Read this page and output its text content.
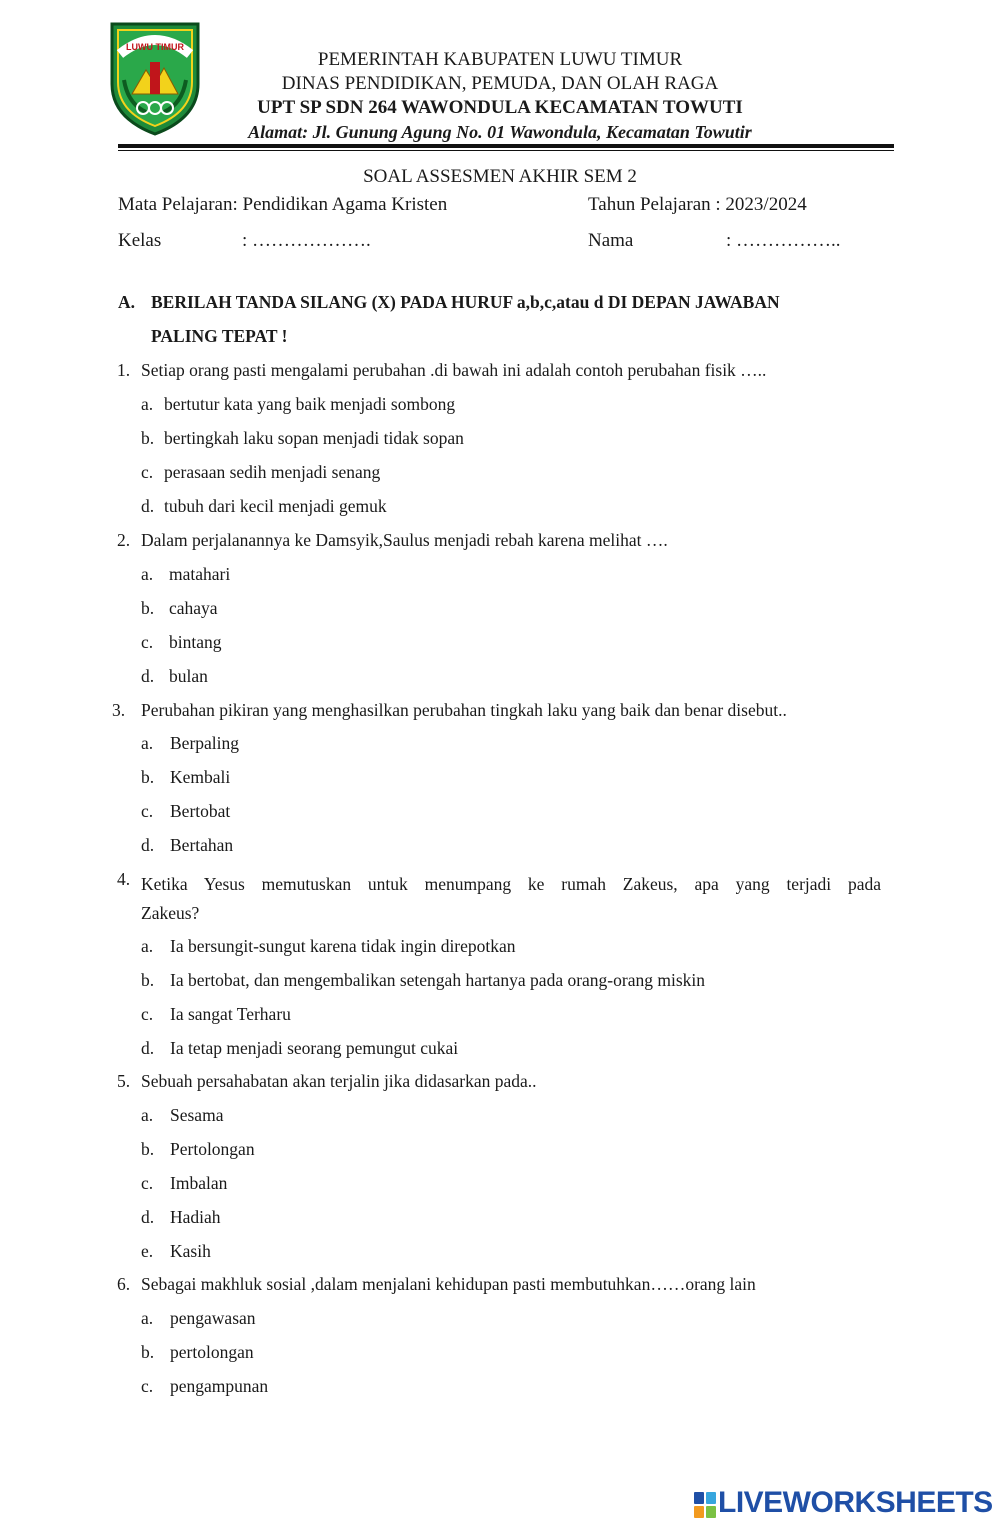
LUWU TIMUR
PEMERINTAH KABUPATEN LUWU TIMUR
DINAS PENDIDIKAN, PEMUDA, DAN OLAH RAGA
UPT SP SDN 264 WAWONDULA KECAMATAN TOWUTI
Alamat: Jl. Gunung Agung No. 01 Wawondula, Kecamatan Towutir
SOAL ASSESMEN AKHIR SEM 2
Mata Pelajaran: Pendidikan Agama Kristen	Tahun Pelajaran : 2023/2024
Kelas	: ……………….	Nama	: ……………..
A. BERILAH TANDA SILANG (X) PADA HURUF a,b,c,atau d DI DEPAN JAWABAN
PALING TEPAT !
1. Setiap orang pasti mengalami perubahan .di bawah ini adalah contoh perubahan fisik …..
a. bertutur kata yang baik menjadi sombong
b. bertingkah laku sopan menjadi tidak sopan
c. perasaan sedih menjadi senang
d. tubuh dari kecil menjadi gemuk
2. Dalam perjalanannya ke Damsyik,Saulus menjadi rebah karena melihat ….
a. matahari
b. cahaya
c. bintang
d. bulan
3. Perubahan pikiran yang menghasilkan perubahan tingkah laku yang baik dan benar disebut..
a. Berpaling
b. Kembali
c. Bertobat
d. Bertahan
4. Ketika Yesus memutuskan untuk menumpang ke rumah Zakeus, apa yang terjadi pada
Zakeus?
a. Ia bersungit-sungut karena tidak ingin direpotkan
b. Ia bertobat, dan mengembalikan setengah hartanya pada orang-orang miskin
c. Ia sangat Terharu
d. Ia tetap menjadi seorang pemungut cukai
5. Sebuah persahabatan akan terjalin jika didasarkan pada..
a. Sesama
b. Pertolongan
c. Imbalan
d. Hadiah
e. Kasih
6. Sebagai makhluk sosial ,dalam menjalani kehidupan pasti membutuhkan……orang lain
a. pengawasan
b. pertolongan
c. pengampunan
LIVEWORKSHEETS
